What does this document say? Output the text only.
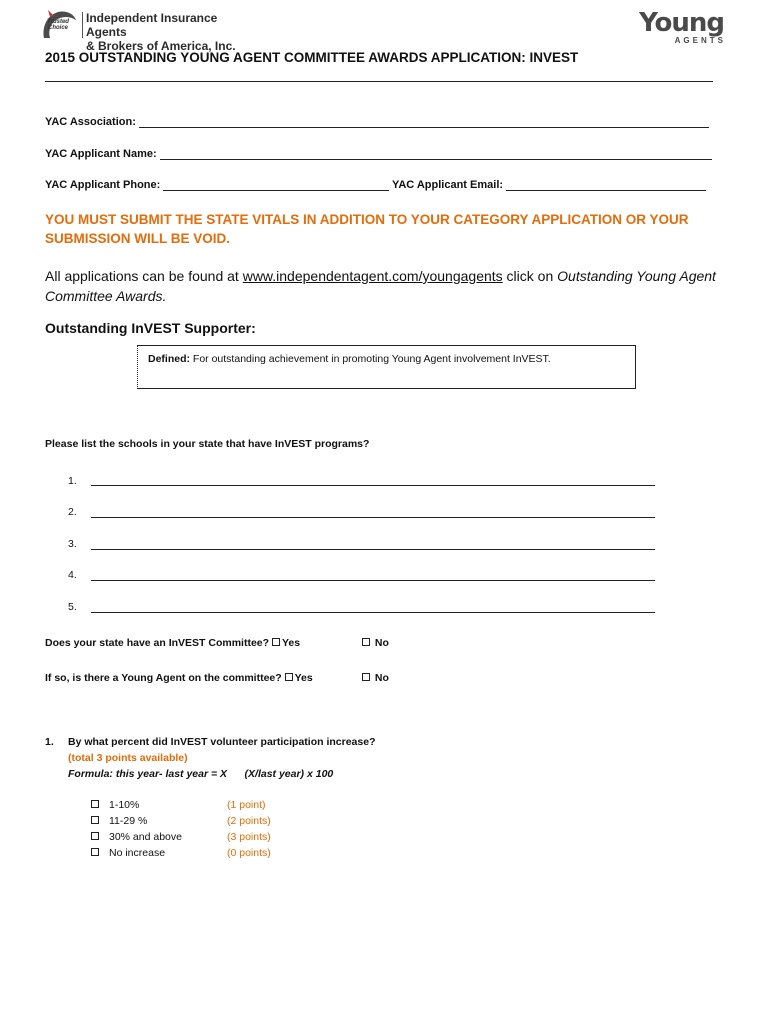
Trusted Choice
Independent Insurance Agents
& Brokers of America, Inc.
Young
AGENTS
2015 OUTSTANDING YOUNG AGENT COMMITTEE AWARDS APPLICATION: INVEST
YAC Association:
YAC Applicant Name:
YAC Applicant Phone:	YAC Applicant Email:
YOU MUST SUBMIT THE STATE VITALS IN ADDITION TO YOUR CATEGORY APPLICATION OR YOUR SUBMISSION WILL BE VOID.
All applications can be found at www.independentagent.com/youngagents click on Outstanding Young Agent Committee Awards.
Outstanding InVEST Supporter:
Defined: For outstanding achievement in promoting Young Agent involvement InVEST.
Please list the schools in your state that have InVEST programs?
1.
2.
3.
4.
5.
Does your state have an InVEST Committee? Yes	No
If so, is there a Young Agent on the committee? Yes	No
1. By what percent did InVEST volunteer participation increase?
(total 3 points available)
Formula: this year- last year = X      (X/last year) x 100
1-10%	(1 point)
11-29 %	(2 points)
30% and above	(3 points)
No increase	(0 points)
